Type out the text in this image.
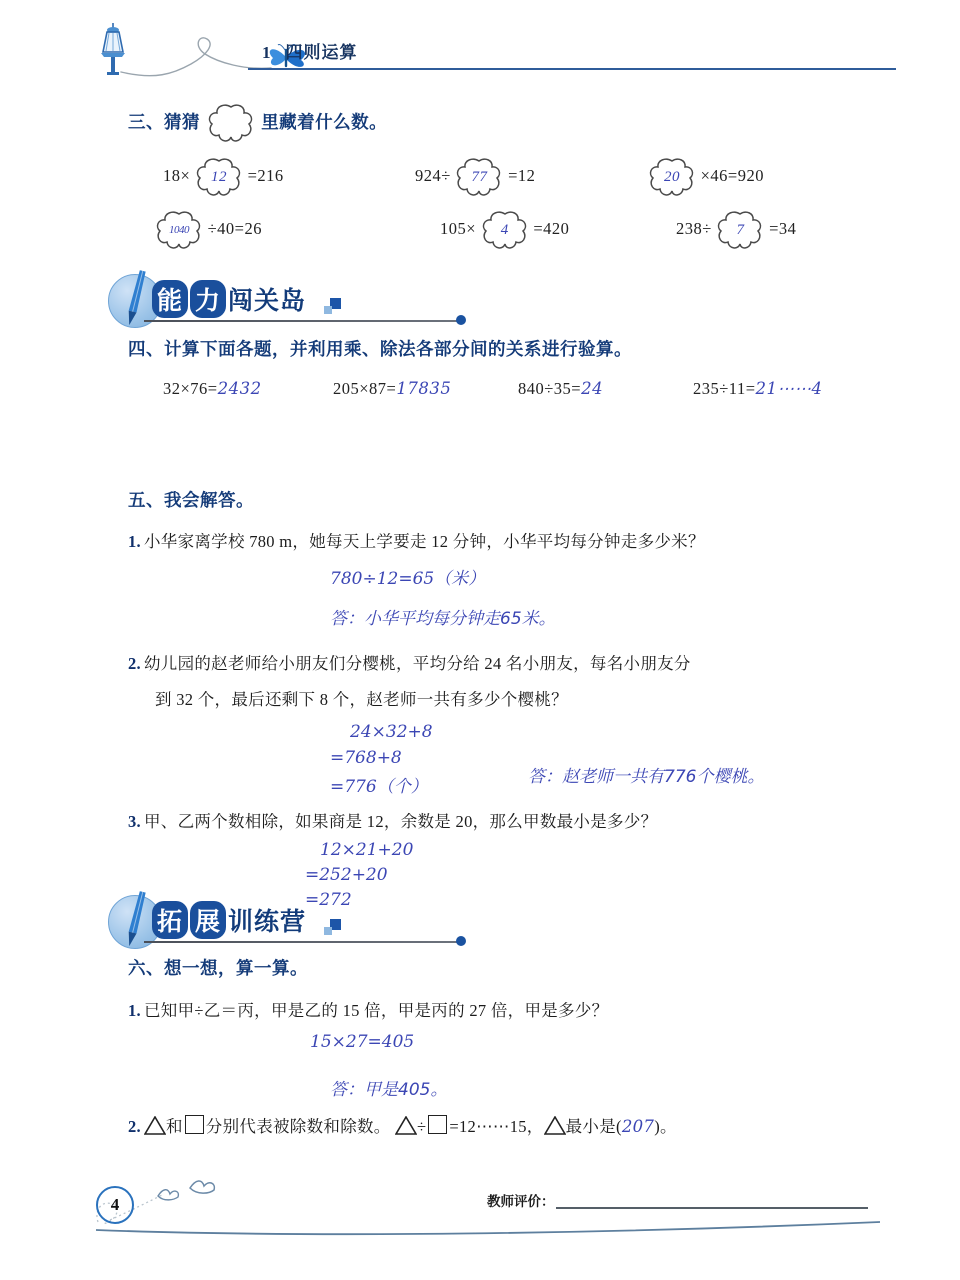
1 四则运算
三、猜猜	里藏着什么数。
18×	12	=216	924÷	77	=12	20	×46=920
1040	÷40=26	105×	4	=420	238÷	7	=34
能 力 闯关岛
四、计算下面各题，并利用乘、除法各部分间的关系进行验算。
32×76=2432	205×87=17835	840÷35=24	235÷11=21⋯⋯4
五、我会解答。
1. 小华家离学校 780 m，她每天上学要走 12 分钟，小华平均每分钟走多少米？
780÷12=65（米）
答：小华平均每分钟走65米。
2. 幼儿园的赵老师给小朋友们分樱桃，平均分给 24 名小朋友，每名小朋友分
到 32 个，最后还剩下 8 个，赵老师一共有多少个樱桃？
24×32+8
=768+8
=776（个）	答：赵老师一共有776个樱桃。
3. 甲、乙两个数相除，如果商是 12，余数是 20，那么甲数最小是多少？
12×21+20
=252+20
=272
拓 展 训练营
六、想一想，算一算。
1. 已知甲÷乙＝丙，甲是乙的 15 倍，甲是丙的 27 倍，甲是多少？
15×27=405
答：甲是405。
2. 和 分别代表被除数和除数。 ÷ =12⋯⋯15， 最小是(207)。
4	教师评价：
